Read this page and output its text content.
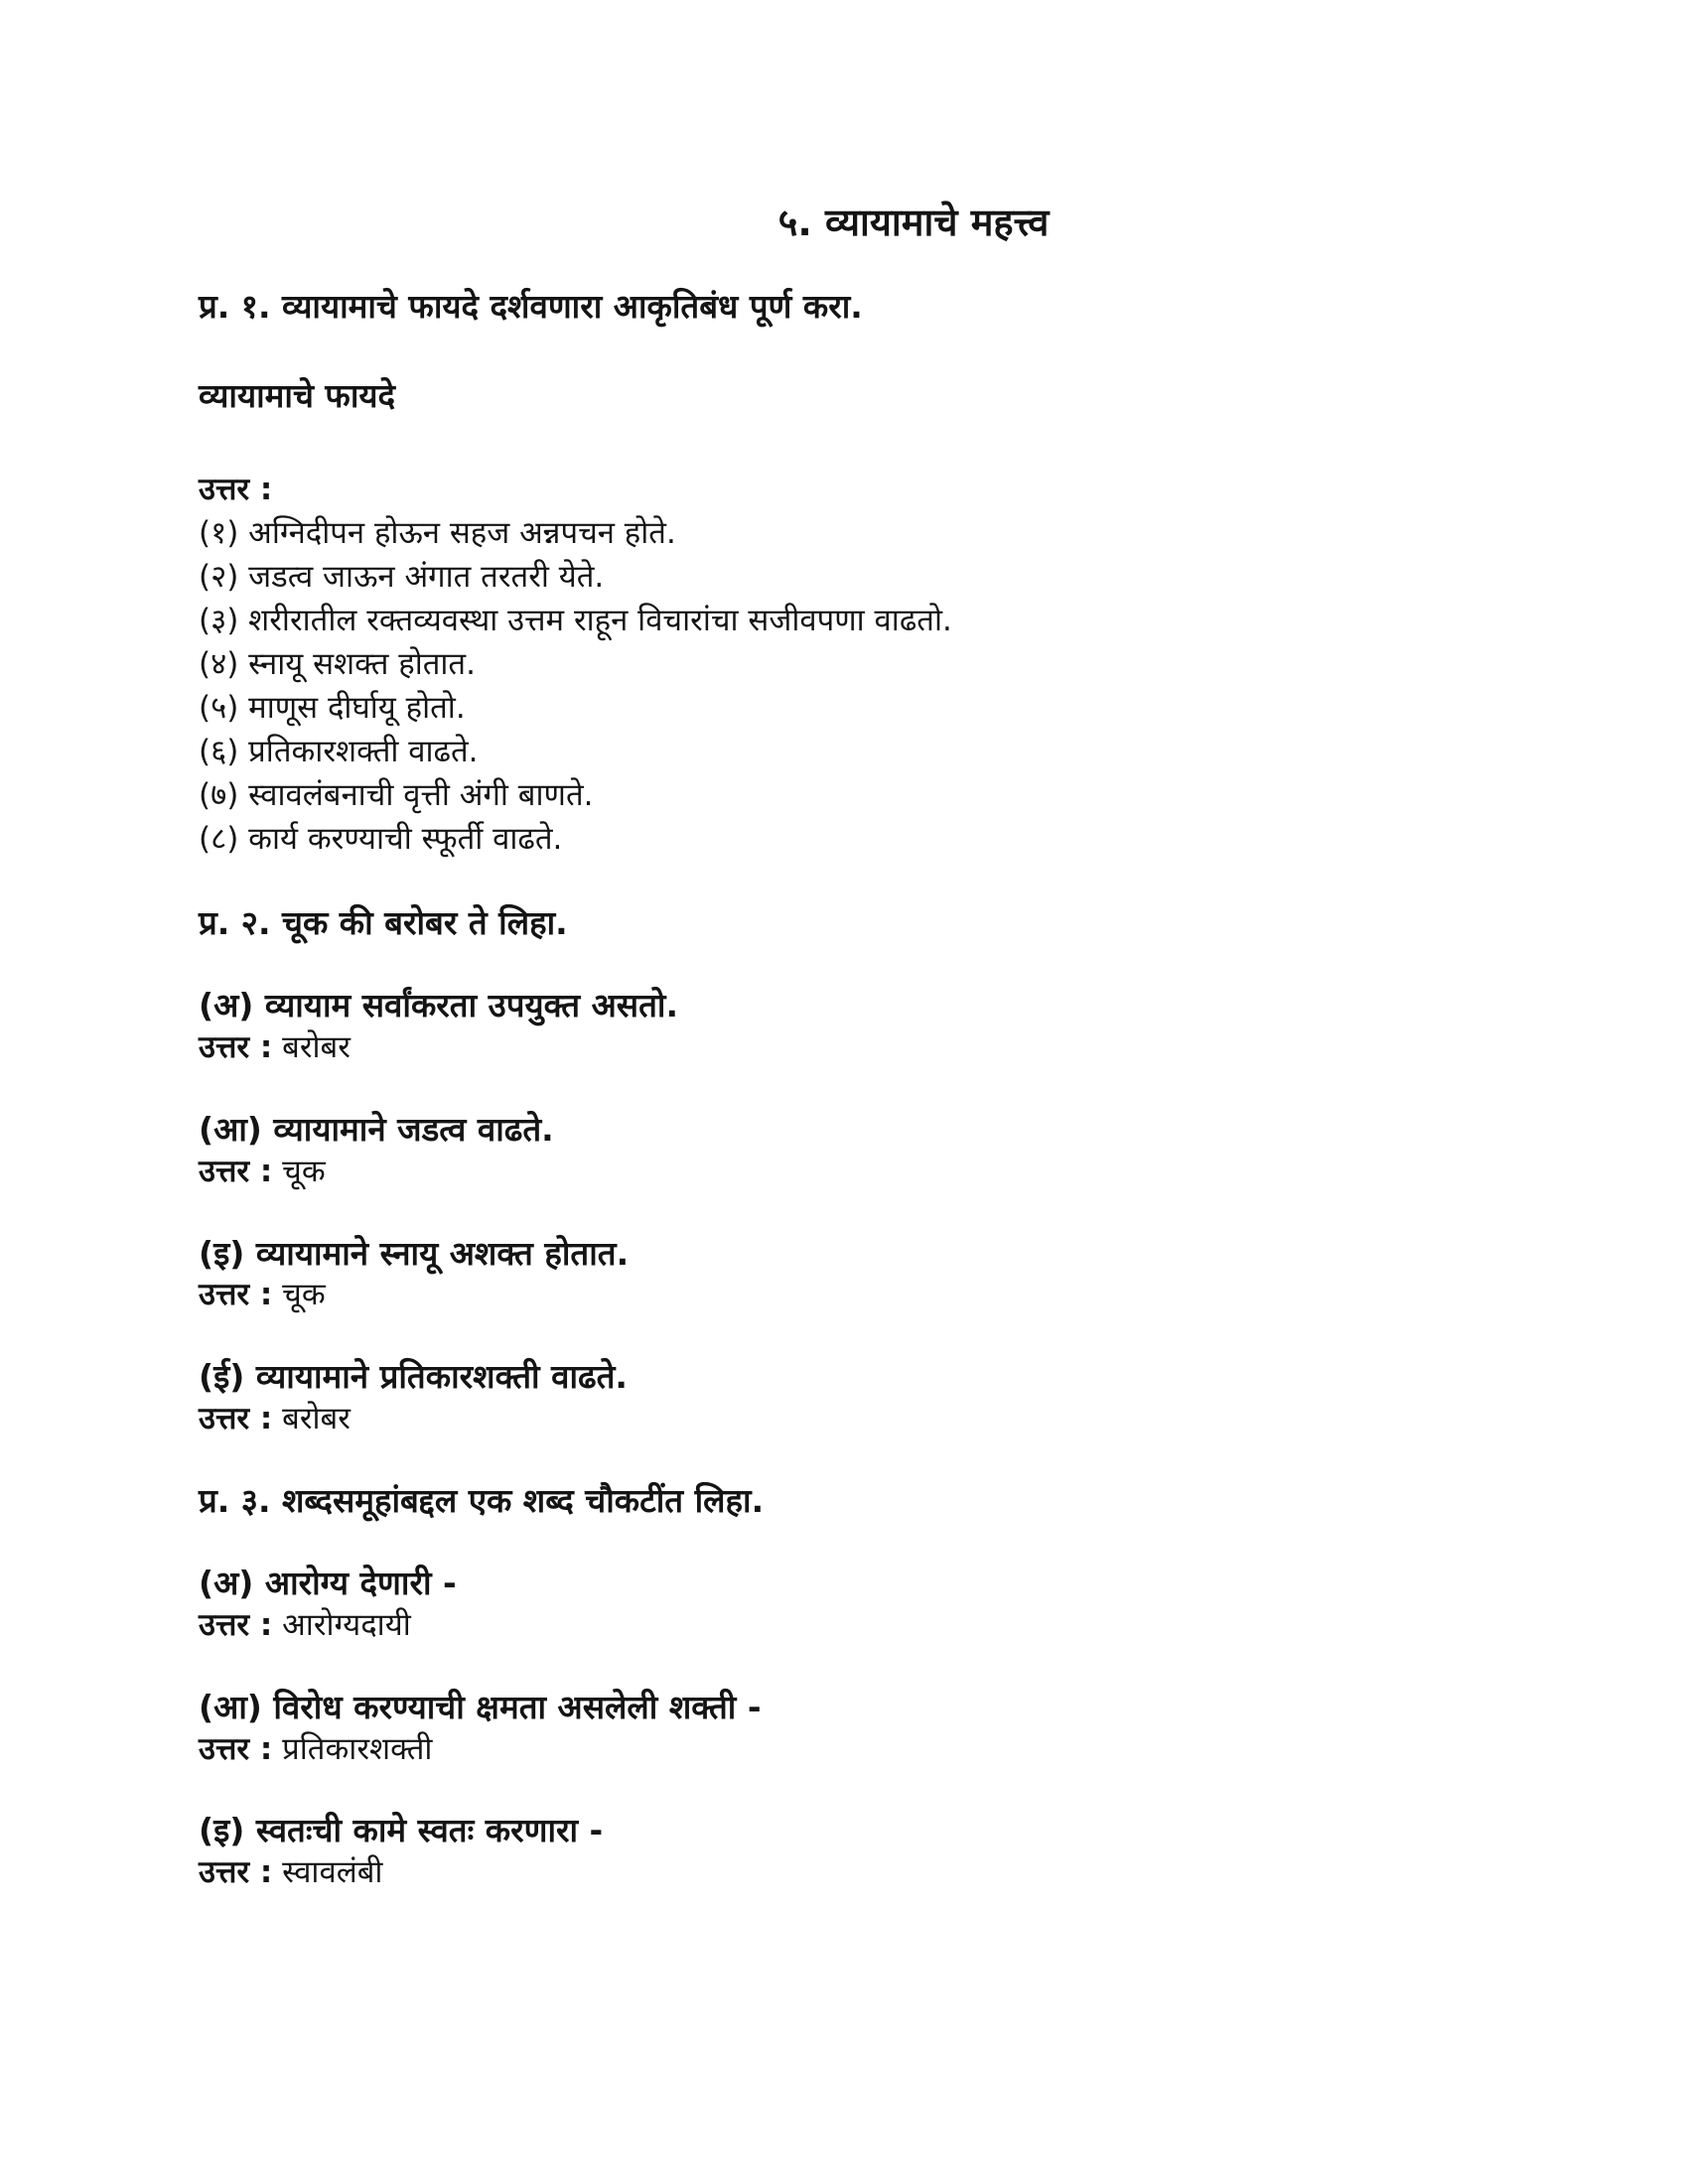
५. व्यायामाचे महत्त्व

प्र. १. व्यायामाचे फायदे दर्शवणारा आकृतिबंध पूर्ण करा.

व्यायामाचे फायदे

उत्तर :

(१) अग्निदीपन होऊन सहज अन्नपचन होते.

(२) जडत्व जाऊन अंगात तरतरी येते.

(३) शरीरातील रक्तव्यवस्था उत्तम राहून विचारांचा सजीवपणा वाढतो.

(४) स्नायू सशक्त होतात.

(५) माणूस दीर्घायू होतो.

(६) प्रतिकारशक्ती वाढते.

(७) स्वावलंबनाची वृत्ती अंगी बाणते.

(८) कार्य करण्याची स्फूर्ती वाढते.

प्र. २. चूक की बरोबर ते लिहा.

(अ) व्यायाम सर्वांकरता उपयुक्त असतो.

उत्तर : बरोबर

(आ) व्यायामाने जडत्व वाढते.

उत्तर : चूक

(इ) व्यायामाने स्नायू अशक्त होतात.

उत्तर : चूक

(ई) व्यायामाने प्रतिकारशक्ती वाढते.

उत्तर : बरोबर

प्र. ३. शब्दसमूहांबद्दल एक शब्द चौकटींत लिहा.

(अ) आरोग्य देणारी -

उत्तर : आरोग्यदायी

(आ) विरोध करण्याची क्षमता असलेली शक्ती -

उत्तर : प्रतिकारशक्ती

(इ) स्वतःची कामे स्वतः करणारा -

उत्तर : स्वावलंबी
